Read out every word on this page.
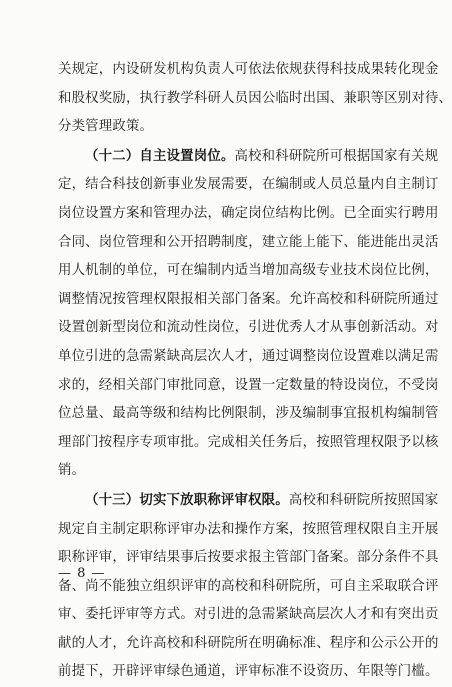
关规定，内设研发机构负责人可依法依规获得科技成果转化现金
和股权奖励，执行教学科研人员因公临时出国、兼职等区别对待、
分类管理政策。

（十二）自主设置岗位。高校和科研院所可根据国家有关规
定，结合科技创新事业发展需要，在编制或人员总量内自主制订
岗位设置方案和管理办法，确定岗位结构比例。已全面实行聘用
合同、岗位管理和公开招聘制度，建立能上能下、能进能出灵活
用人机制的单位，可在编制内适当增加高级专业技术岗位比例，
调整情况按管理权限报相关部门备案。允许高校和科研院所通过
设置创新型岗位和流动性岗位，引进优秀人才从事创新活动。对
单位引进的急需紧缺高层次人才，通过调整岗位设置难以满足需
求的，经相关部门审批同意，设置一定数量的特设岗位，不受岗
位总量、最高等级和结构比例限制，涉及编制事宜报机构编制管
理部门按程序专项审批。完成相关任务后，按照管理权限予以核
销。

（十三）切实下放职称评审权限。高校和科研院所按照国家
规定自主制定职称评审办法和操作方案，按照管理权限自主开展
职称评审，评审结果事后按要求报主管部门备案。部分条件不具
备、尚不能独立组织评审的高校和科研院所，可自主采取联合评
审、委托评审等方式。对引进的急需紧缺高层次人才和有突出贡
献的人才，允许高校和科研院所在明确标准、程序和公示公开的
前提下，开辟评审绿色通道，评审标准不设资历、年限等门槛。

— 8 —
